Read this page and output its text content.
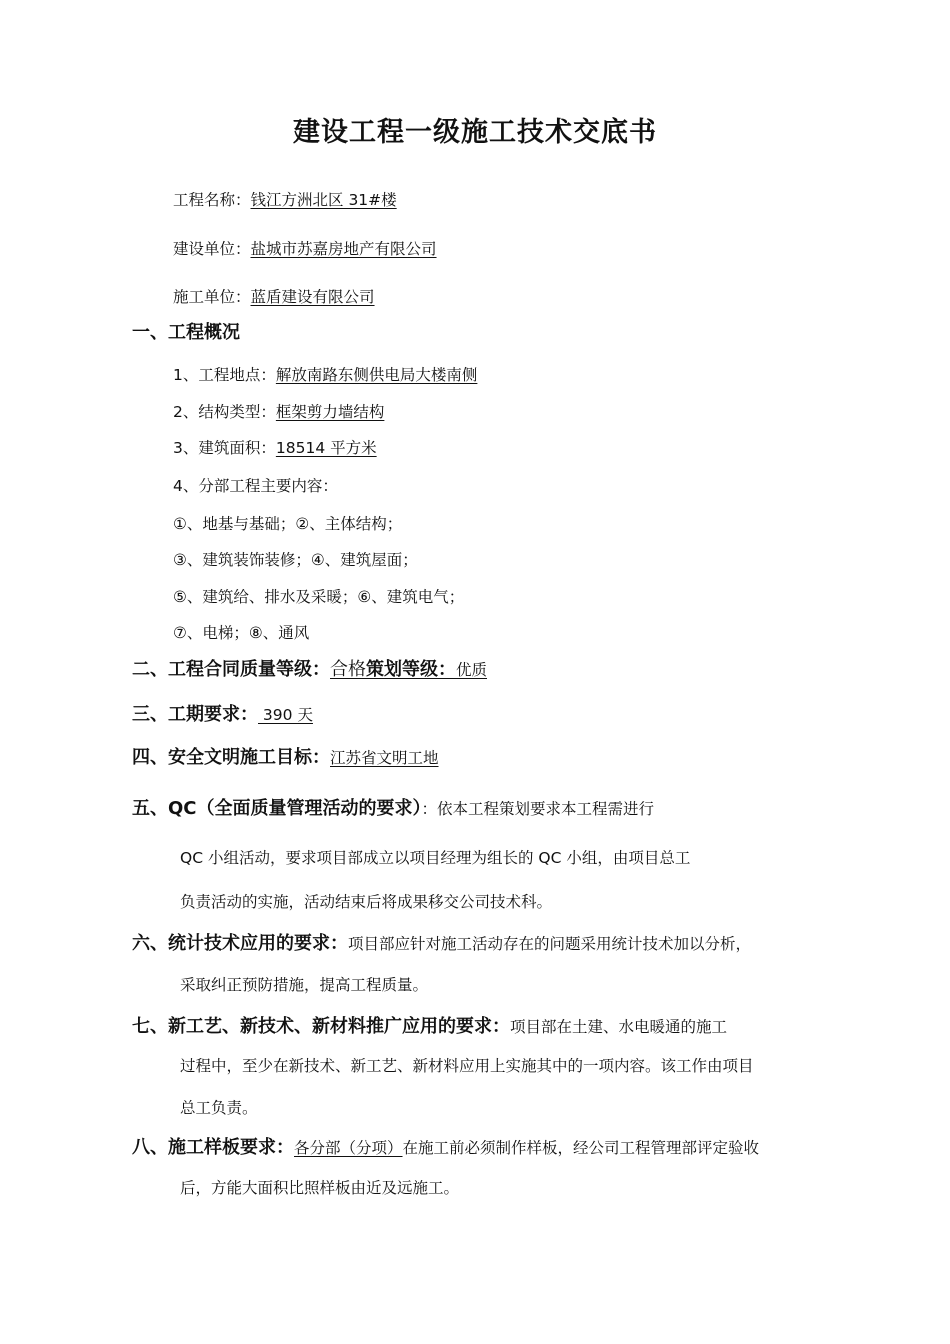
建设工程一级施工技术交底书
工程名称：钱江方洲北区 31#楼
建设单位：盐城市苏嘉房地产有限公司
施工单位：蓝盾建设有限公司
一、工程概况
1、工程地点：解放南路东侧供电局大楼南侧
2、结构类型：框架剪力墙结构
3、建筑面积：18514 平方米
4、分部工程主要内容：
①、地基与基础；②、主体结构；
③、建筑装饰装修；④、建筑屋面；
⑤、建筑给、排水及采暖；⑥、建筑电气；
⑦、电梯；⑧、通风
二、工程合同质量等级：合格策划等级：优质
三、工期要求： 390 天
四、安全文明施工目标：江苏省文明工地
五、QC（全面质量管理活动的要求）：依本工程策划要求本工程需进行
QC 小组活动，要求项目部成立以项目经理为组长的 QC 小组，由项目总工
负责活动的实施，活动结束后将成果移交公司技术科。
六、统计技术应用的要求：项目部应针对施工活动存在的问题采用统计技术加以分析，
采取纠正预防措施，提高工程质量。
七、新工艺、新技术、新材料推广应用的要求：项目部在土建、水电暖通的施工
过程中，至少在新技术、新工艺、新材料应用上实施其中的一项内容。该工作由项目
总工负责。
八、施工样板要求：各分部（分项）在施工前必须制作样板，经公司工程管理部评定验收
后，方能大面积比照样板由近及远施工。
